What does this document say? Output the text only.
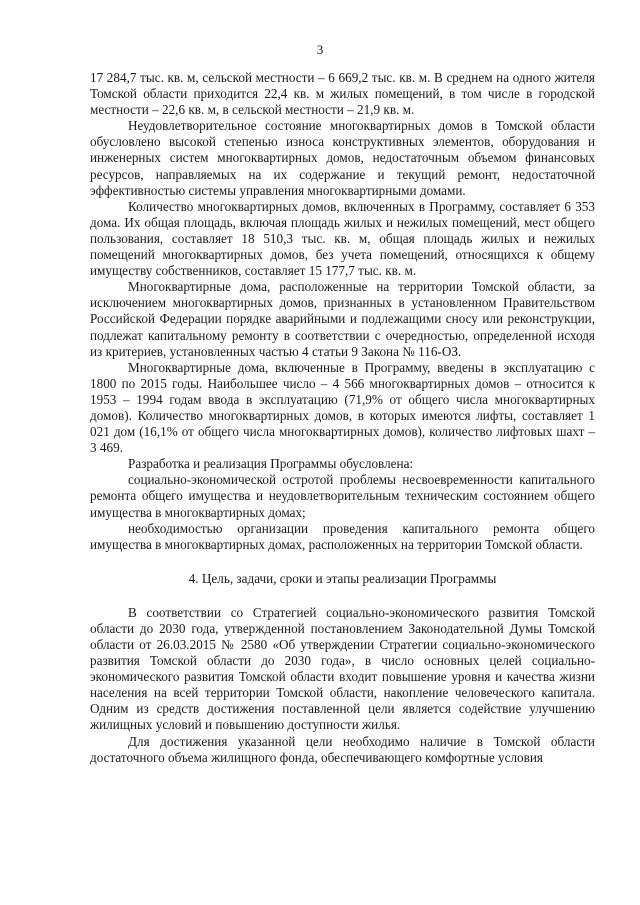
3

17 284,7 тыс. кв. м, сельской местности – 6 669,2 тыс. кв. м. В среднем на одного жителя Томской области приходится 22,4 кв. м жилых помещений, в том числе в городской местности – 22,6 кв. м, в сельской местности – 21,9 кв. м.

Неудовлетворительное состояние многоквартирных домов в Томской области обусловлено высокой степенью износа конструктивных элементов, оборудования и инженерных систем многоквартирных домов, недостаточным объемом финансовых ресурсов, направляемых на их содержание и текущий ремонт, недостаточной эффективностью системы управления многоквартирными домами.

Количество многоквартирных домов, включенных в Программу, составляет 6 353 дома. Их общая площадь, включая площадь жилых и нежилых помещений, мест общего пользования, составляет 18 510,3 тыс. кв. м, общая площадь жилых и нежилых помещений многоквартирных домов, без учета помещений, относящихся к общему имуществу собственников, составляет 15 177,7 тыс. кв. м.

Многоквартирные дома, расположенные на территории Томской области, за исключением многоквартирных домов, признанных в установленном Правительством Российской Федерации порядке аварийными и подлежащими сносу или реконструкции, подлежат капитальному ремонту в соответствии с очередностью, определенной исходя из критериев, установленных частью 4 статьи 9 Закона № 116-ОЗ.

Многоквартирные дома, включенные в Программу, введены в эксплуатацию с 1800 по 2015 годы. Наибольшее число – 4 566 многоквартирных домов – относится к 1953 – 1994 годам ввода в эксплуатацию (71,9% от общего числа многоквартирных домов). Количество многоквартирных домов, в которых имеются лифты, составляет 1 021 дом (16,1% от общего числа многоквартирных домов), количество лифтовых шахт – 3 469.

Разработка и реализация Программы обусловлена:

социально-экономической остротой проблемы несвоевременности капитального ремонта общего имущества и неудовлетворительным техническим состоянием общего имущества в многоквартирных домах;

необходимостью организации проведения капитального ремонта общего имущества в многоквартирных домах, расположенных на территории Томской области.

4. Цель, задачи, сроки и этапы реализации Программы

В соответствии со Стратегией социально-экономического развития Томской области до 2030 года, утвержденной постановлением Законодательной Думы Томской области от 26.03.2015 № 2580 «Об утверждении Стратегии социально-экономического развития Томской области до 2030 года», в число основных целей социально-экономического развития Томской области входит повышение уровня и качества жизни населения на всей территории Томской области, накопление человеческого капитала. Одним из средств достижения поставленной цели является содействие улучшению жилищных условий и повышению доступности жилья.

Для достижения указанной цели необходимо наличие в Томской области достаточного объема жилищного фонда, обеспечивающего комфортные условия
